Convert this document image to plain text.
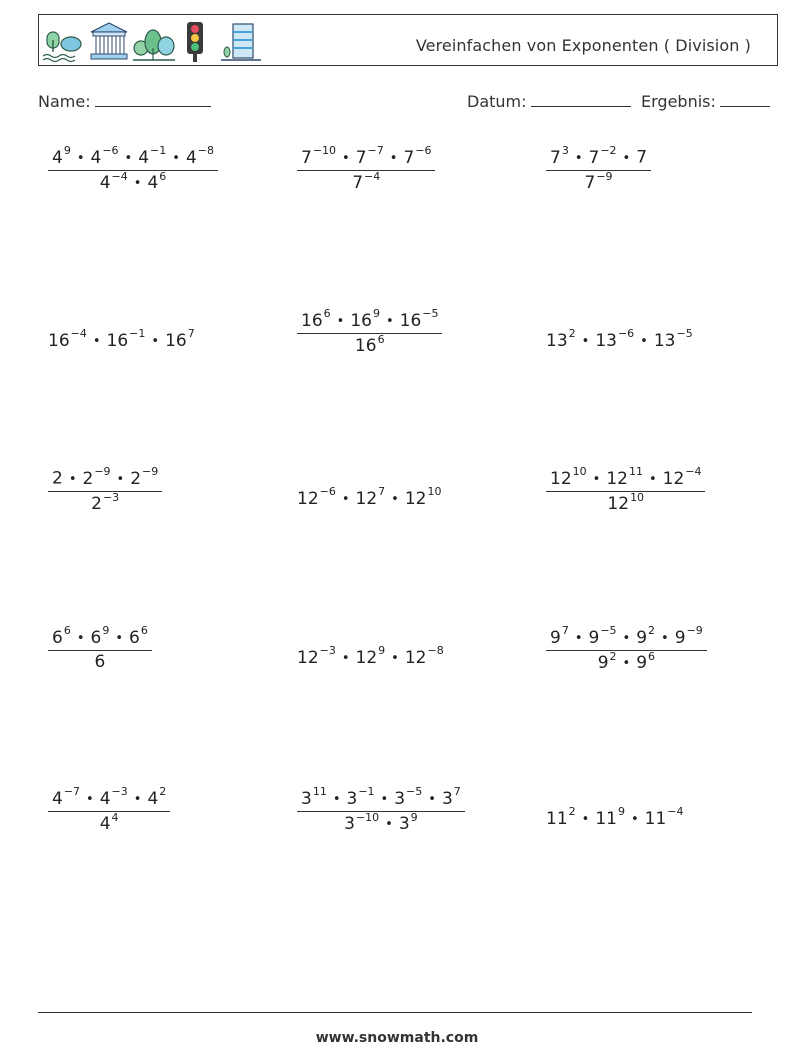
Vereinfachen von Exponenten ( Division )
Name:	Datum:	Ergebnis:
$\frac{4^9• 4^{-6}• 4^{-1}• 4^{-8}}{4^{-4}• 4^6}$	$\frac{7^{-10}• 7^{-7}• 7^{-6}}{7^{-4}}$	$\frac{7^3• 7^{-2}• 7}{7^{-9}}$
$16^{-4}•$ $16^{-1}•$ $16^7$	$\frac{16^6• 16^9• 16^{-5}}{16^6}$	$13^2•$ $13^{-6}•$ $13^{-5}$
$\frac{2 • 2^{-9}• 2^{-9}}{2^{-3}}$	$12^{-6}•$ $12^7•$ $12^{10}$	$\frac{12^{10}• 12^{11}• 12^{-4}}{12^{10}}$
$\frac{6^6• 6^9• 6^6}{6}$	$12^{-3}•$ $12^9•$ $12^{-8}$	$\frac{9^7• 9^{-5}• 9^2• 9^{-9}}{9^2• 9^6}$
$\frac{4^{-7}• 4^{-3}• 4^2}{4^4}$	$\frac{3^{11}• 3^{-1}• 3^{-5}• 3^7}{3^{-10}• 3^9}$	$11^2•$ $11^9•$ $11^{-4}$
www.snowmath.com
